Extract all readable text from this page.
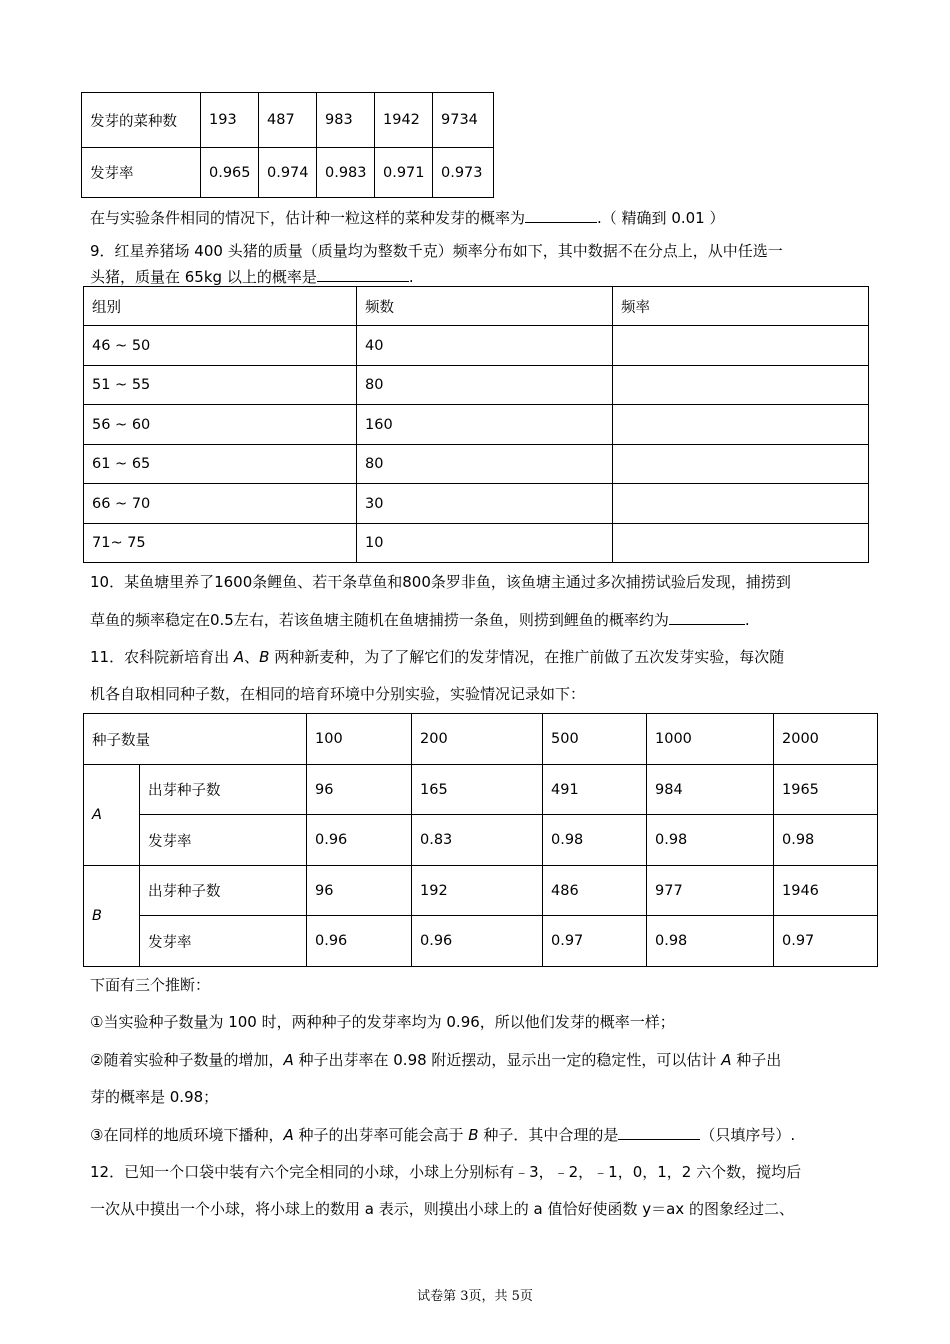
发芽的菜种数	193	487	983	1942	9734
发芽率	0.965	0.974	0.983	0.971	0.973
在与实验条件相同的情况下，估计种一粒这样的菜种发芽的概率为	.（ 精确到 0.01 ）
9．红星养猪场 400 头猪的质量（质量均为整数千克）频率分布如下，其中数据不在分点上，从中任选一
头猪，质量在 65kg 以上的概率是	.
组别	频数	频率
46 ~ 50	40	
51 ~ 55	80	
56 ~ 60	160	
61 ~ 65	80	
66 ~ 70	30	
71~ 75	10	
10．某鱼塘里养了1600条鲤鱼、若干条草鱼和800条罗非鱼，该鱼塘主通过多次捕捞试验后发现，捕捞到
草鱼的频率稳定在0.5左右，若该鱼塘主随机在鱼塘捕捞一条鱼，则捞到鲤鱼的概率约为	.
11．农科院新培育出 A、B 两种新麦种，为了了解它们的发芽情况，在推广前做了五次发芽实验，每次随
机各自取相同种子数，在相同的培育环境中分别实验，实验情况记录如下：
种子数量		100	200	500	1000	2000
A	出芽种子数	96	165	491	984	1965
	发芽率	0.96	0.83	0.98	0.98	0.98
B	出芽种子数	96	192	486	977	1946
	发芽率	0.96	0.96	0.97	0.98	0.97
下面有三个推断：
①当实验种子数量为 100 时，两种种子的发芽率均为 0.96，所以他们发芽的概率一样；
②随着实验种子数量的增加，A 种子出芽率在 0.98 附近摆动，显示出一定的稳定性，可以估计 A 种子出
芽的概率是 0.98；
③在同样的地质环境下播种，A 种子的出芽率可能会高于 B 种子．其中合理的是	（只填序号）.
12．已知一个口袋中装有六个完全相同的小球，小球上分别标有﹣3，﹣2，﹣1，0，1，2 六个数，搅均后
一次从中摸出一个小球，将小球上的数用 a 表示，则摸出小球上的 a 值恰好使函数 y＝ax 的图象经过二、
试卷第 3页，共 5页
